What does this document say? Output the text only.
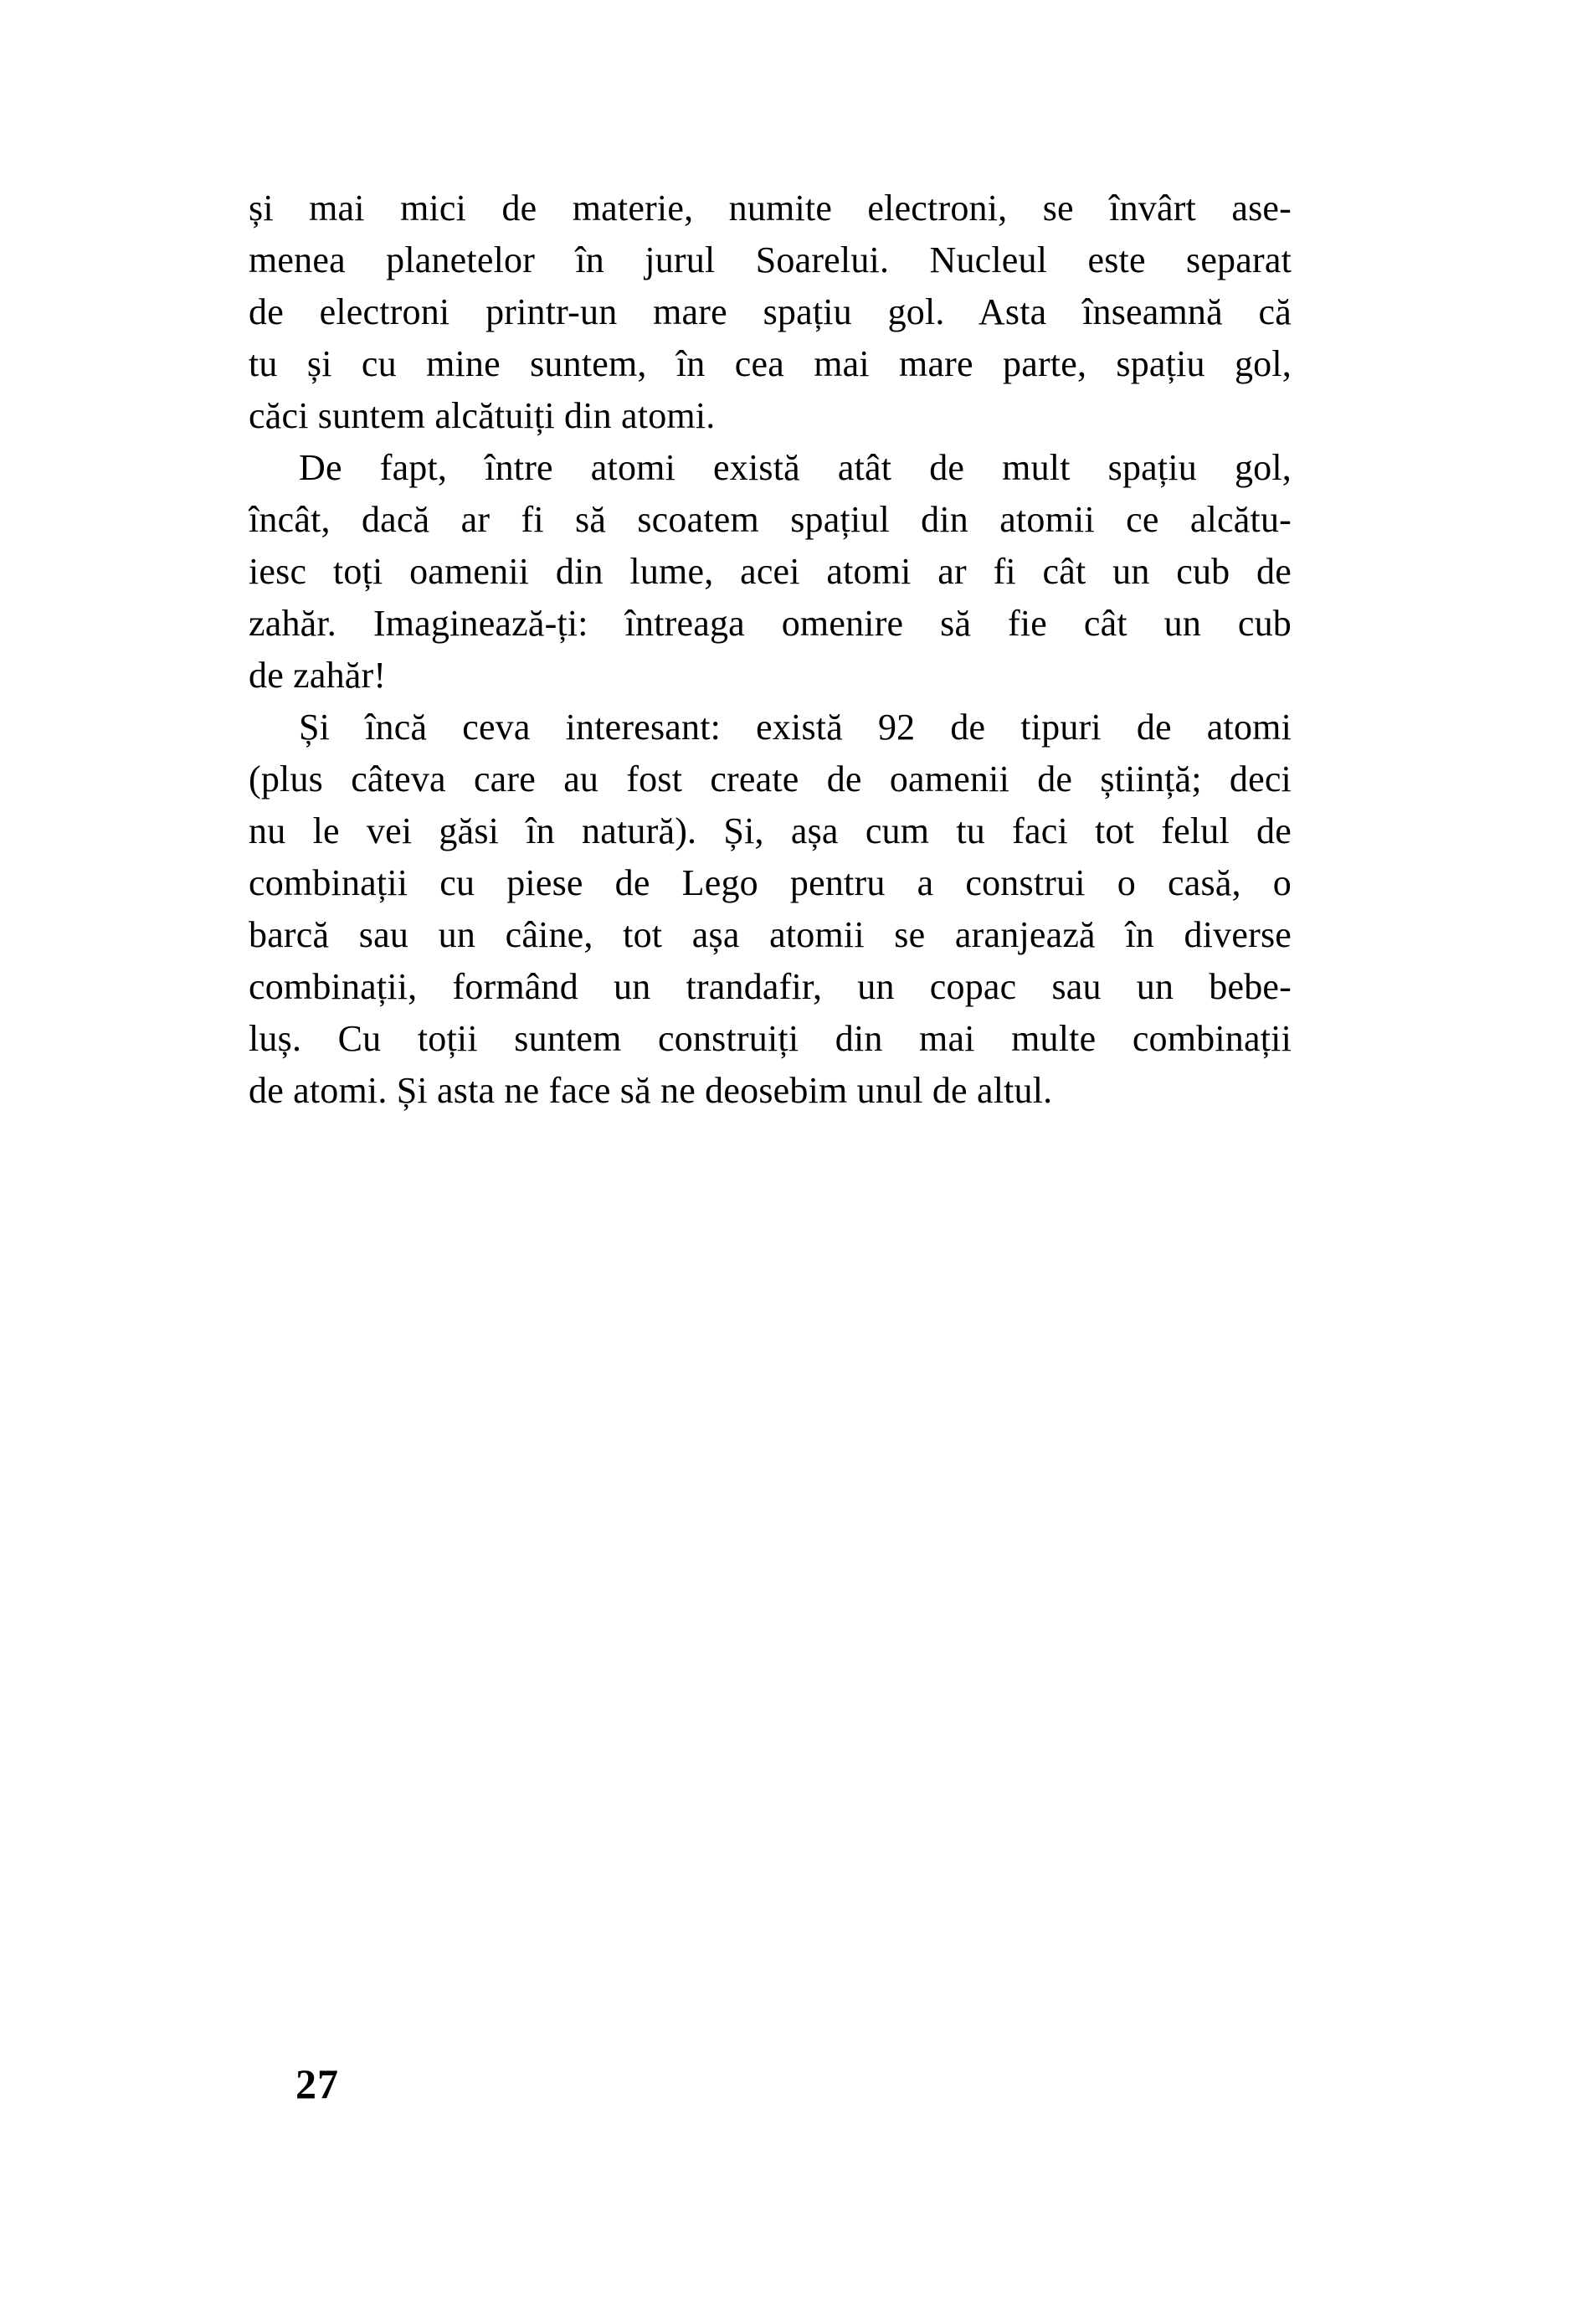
și mai mici de materie, numite electroni, se învârt ase-
menea planetelor în jurul Soarelui. Nucleul este separat
de electroni printr-un mare spațiu gol. Asta înseamnă că
tu și cu mine suntem, în cea mai mare parte, spațiu gol,
căci suntem alcătuiți din atomi.
De fapt, între atomi există atât de mult spațiu gol,
încât, dacă ar fi să scoatem spațiul din atomii ce alcătu-
iesc toți oamenii din lume, acei atomi ar fi cât un cub de
zahăr. Imaginează-ți: întreaga omenire să fie cât un cub
de zahăr!
Și încă ceva interesant: există 92 de tipuri de atomi
(plus câteva care au fost create de oamenii de știință; deci
nu le vei găsi în natură). Și, așa cum tu faci tot felul de
combinații cu piese de Lego pentru a construi o casă, o
barcă sau un câine, tot așa atomii se aranjează în diverse
combinații, formând un trandafir, un copac sau un bebe-
luș. Cu toții suntem construiți din mai multe combinații
de atomi. Și asta ne face să ne deosebim unul de altul.
27
